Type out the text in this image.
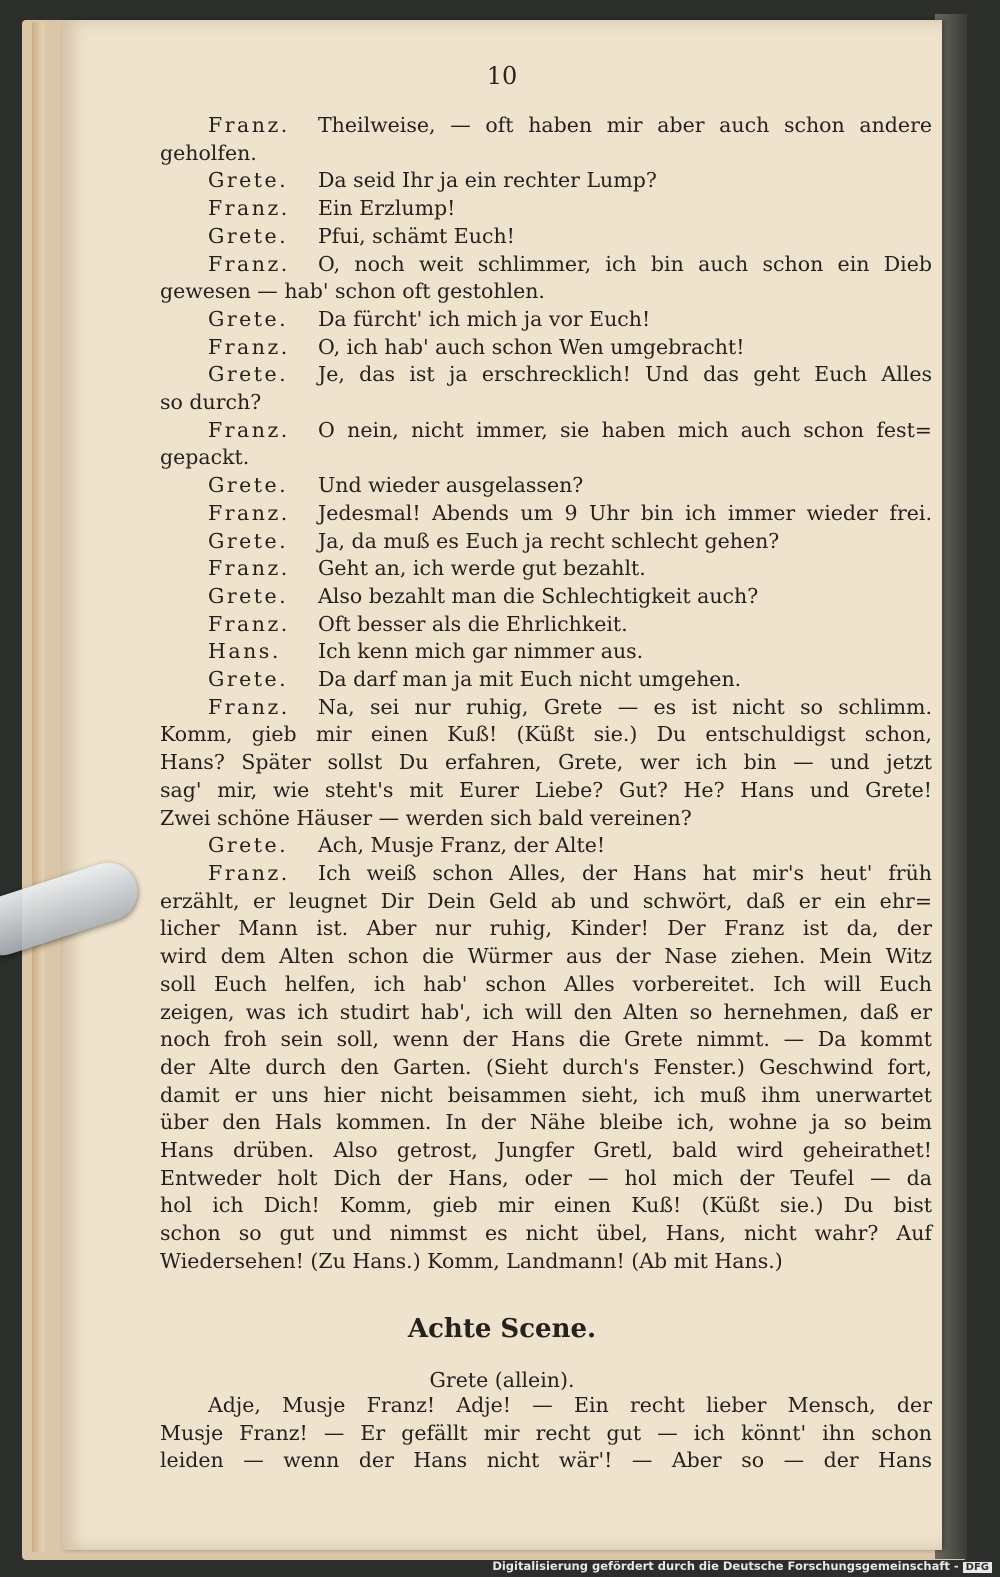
10
Franz. Theilweise, — oft haben mir aber auch schon andere
geholfen.
Grete. Da seid Ihr ja ein rechter Lump?
Franz. Ein Erzlump!
Grete. Pfui, schämt Euch!
Franz. O, noch weit schlimmer, ich bin auch schon ein Dieb
gewesen — hab' schon oft gestohlen.
Grete. Da fürcht' ich mich ja vor Euch!
Franz. O, ich hab' auch schon Wen umgebracht!
Grete. Je, das ist ja erschrecklich! Und das geht Euch Alles
so durch?
Franz. O nein, nicht immer, sie haben mich auch schon fest=
gepackt.
Grete. Und wieder ausgelassen?
Franz. Jedesmal! Abends um 9 Uhr bin ich immer wieder frei.
Grete. Ja, da muß es Euch ja recht schlecht gehen?
Franz. Geht an, ich werde gut bezahlt.
Grete. Also bezahlt man die Schlechtigkeit auch?
Franz. Oft besser als die Ehrlichkeit.
Hans. Ich kenn mich gar nimmer aus.
Grete. Da darf man ja mit Euch nicht umgehen.
Franz. Na, sei nur ruhig, Grete — es ist nicht so schlimm.
Komm, gieb mir einen Kuß! (Küßt sie.) Du entschuldigst schon,
Hans? Später sollst Du erfahren, Grete, wer ich bin — und jetzt
sag' mir, wie steht's mit Eurer Liebe? Gut? He? Hans und Grete!
Zwei schöne Häuser — werden sich bald vereinen?
Grete. Ach, Musje Franz, der Alte!
Franz. Ich weiß schon Alles, der Hans hat mir's heut' früh
erzählt, er leugnet Dir Dein Geld ab und schwört, daß er ein ehr=
licher Mann ist. Aber nur ruhig, Kinder! Der Franz ist da, der
wird dem Alten schon die Würmer aus der Nase ziehen. Mein Witz
soll Euch helfen, ich hab' schon Alles vorbereitet. Ich will Euch
zeigen, was ich studirt hab', ich will den Alten so hernehmen, daß er
noch froh sein soll, wenn der Hans die Grete nimmt. — Da kommt
der Alte durch den Garten. (Sieht durch's Fenster.) Geschwind fort,
damit er uns hier nicht beisammen sieht, ich muß ihm unerwartet
über den Hals kommen. In der Nähe bleibe ich, wohne ja so beim
Hans drüben. Also getrost, Jungfer Gretl, bald wird geheirathet!
Entweder holt Dich der Hans, oder — hol mich der Teufel — da
hol ich Dich! Komm, gieb mir einen Kuß! (Küßt sie.) Du bist
schon so gut und nimmst es nicht übel, Hans, nicht wahr? Auf
Wiedersehen! (Zu Hans.) Komm, Landmann! (Ab mit Hans.)
Achte Scene.
Grete (allein).
Adje, Musje Franz! Adje! — Ein recht lieber Mensch, der
Musje Franz! — Er gefällt mir recht gut — ich könnt' ihn schon
leiden — wenn der Hans nicht wär'! — Aber so — der Hans
Digitalisierung gefördert durch die Deutsche Forschungsgemeinschaft - DFG
